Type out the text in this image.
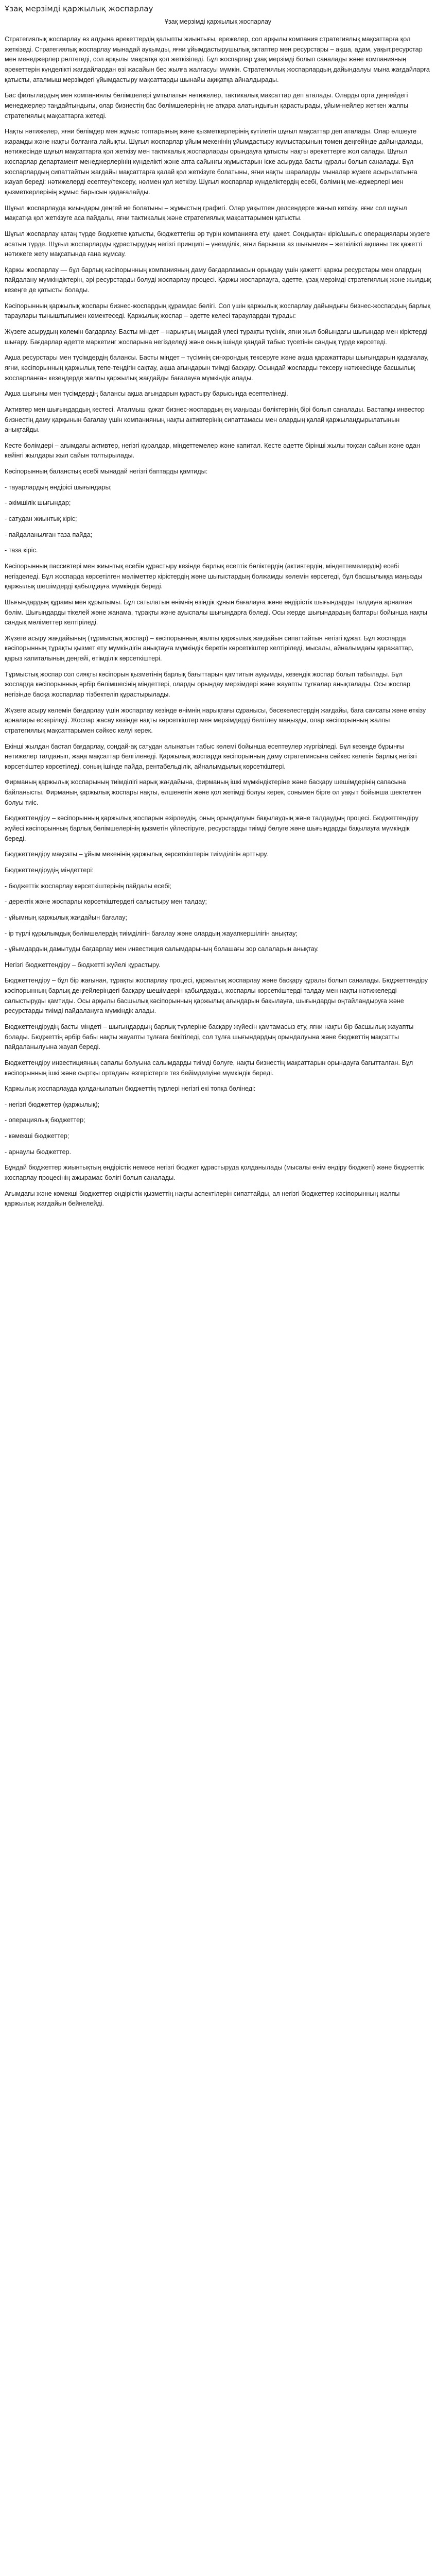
Ұзақ мерзімді қаржылық жоспарлау
Ұзақ мерзімді қаржылық жоспарлау

Стратегиялық жоспарлау өз алдына әрекеттердің қалыпты жиынтығы, ережелер, сол арқылы компания стратегиялық мақсаттарға қол жеткізеді. Стратегиялық жоспарлау мынадай ауқымды, яғни ұйымдастырушылық актаптер мен ресурстары – ақша, адам, уақыт,ресурстар мен менеджерлер рөлтегеді, сол арқылы мақсатқа қол жеткізіледі. Бұл жоспарлар ұзақ мерзімді болып саналады және компанияның әрекеттерін күнделікті жағдайлардан өзі жасайын бес жылға жалғасуы мүмкін. Стратегиялық жоспарлардың дайындалуы мына жағдайларға қатысты, аталмыш мерзімдегі ұйымдастыру мақсаттарды шынайы ақиқатқа айналдырады.

Бас фильтлардың мен компаниялы бөлімшелері ұмтылатын нәтижелер, тактикалық мақсаттар деп аталады. Оларды орта деңгейдегі менеджерлер таңдайтындығы, олар бизнестің бас бөлімшелерінің не атқара алатындығын қарастырады, ұйым-нейлер жеткен жалпы стратегиялық мақсаттарға жетеді.

Нақты нәтижелер, яғни бөлімдер мен жұмыс топтарының және қызметкерлерінің күтілетін шұғыл мақсаттар деп аталады. Олар өлшеуге жарамды және нақты болғанға лайықты. Шұғыл жоспарлар ұйым мекенінің ұйымдастыру жұмыстарының төмен деңгейінде дайындалады, нәтижесінде шұғыл мақсаттарға қол жеткізу мен тактикалық жоспарларды орындауға қатысты нақты әрекеттерге жол салады. Шұғыл жоспарлар департамент менеджерлерінің күнделікті және апта сайынғы жұмыстарын іске асыруда басты құралы болып саналады. Бұл жоспарлардың сипаттайтын жағдайы мақсаттарға қалай қол жеткізуге болатыны, яғни нақты шараларды мыналар жүзеге асырылатынға жауап береді: нәтижелерді есептеу/тексеру, нөлмен қол жеткізу. Шұғыл жоспарлар күнделіктердің есебі, бөлімнің менеджерлері мен қызметкерлерінің жұмыс барысын қадағалайды.

Шұғыл жоспарлауда жиындары деңгей не болатыны – жұмыстың графигі. Олар уақытпен делсендерге жанып кеткізу, яғни сол шұғыл мақсатқа қол жеткізуге аса пайдалы, яғни тактикалық және стратегиялық мақсаттарымен қатысты.

Шұғыл жоспарлау қатаң түрде бюджетке қатысты, бюджеттегіш әр түрін компанияға етуі қажет. Сондықтан кіріс/шығыс операциялары жүзеге асатын түрде. Шұғыл жоспарларды құрастырудың негізгі принципі – үнемділік, яғни барынша аз шығынмен – жеткілікті ақшаны тек қажетті нәтижеге жету мақсатында ғана жұмсау.

Қаржы жоспарлау — бұл барлық кәсіпорынның компанияның даму бағдарламасын орындау үшін қажетті қаржы ресурстары мен олардың пайдалану мүмкіндіктерін, әрі ресурстарды бөлуді жоспарлау процесі. Қаржы жоспарлауға, әдетте, ұзақ мерзімді стратегиялық және жылдық кезеңге де қатысты болады.

Кәсіпорынның қаржылық жоспары бизнес-жоспардың құрамдас бөлігі. Сол үшін қаржылық жоспарлау дайындығы бизнес-жоспардың барлық тараулары тыныштығымен көмектеседі. Қаржылық жоспар – әдетте келесі тараулардан тұрады:

Жүзеге асырудың көлемін бағдарлау. Басты міндет – нарықтың мыңдай үлесі тұрақты түсінік, яғни жыл бойындағы шығындар мен кірістерді шығару. Бағдарлар әдетте маркетинг жоспарына негізделеді және оның ішінде қандай табыс түсетінін сандық түрде көрсетеді.

Ақша ресурстары мен түсімдердің балансы. Басты міндет – түсімнің синхрондық тексеруге және ақша қаражаттары шығындарын қадағалау, яғни, кәсіпорынның қаржылық тепе-теңдігін сақтау, ақша ағындарын тиімді басқару. Осындай жоспарды тексеру нәтижесінде басшылық жоспарланған кезеңдерде жалпы қаржылық жағдайды бағалауға мүмкіндік алады.

Ақша шығыны мен түсімдердің балансы ақша ағындарын құрастыру барысында есептелінеді.

Активтер мен шығындардың кестесі. Аталмыш құжат бизнес-жоспардың ең маңызды бөліктерінің бірі болып саналады. Бастапқы инвестор бизнестің даму қарқынын бағалау үшін компанияның нақты активтерінің сипаттамасы мен олардың қалай қаржыландырылатынын анықтайды.

Кесте бөлімдері – ағымдағы активтер, негізгі құралдар, міндеттемелер және капитал. Кесте әдетте бірінші жылы тоқсан сайын және одан кейінгі жылдары жыл сайын толтырылады.

Кәсіпорынның баланстық есебі мынадай негізгі баптарды қамтиды:

- тауарлардың өндірісі шығындары;
- әкімшілік шығындар;
- сатудан жиынтық кіріс;
- пайдаланылған таза пайда;
- таза кіріс.

Кәсіпорынның пассивтері мен жиынтық есебін құрастыру кезінде барлық есептік бөліктердің (активтердің, міндеттемелердің) есебі негізделеді. Бұл жоспарда көрсетілген мәліметтер кірістердің және шығыстардың болжамды көлемін көрсетеді, бұл басшылыққа маңызды қаржылық шешімдерді қабылдауға мүмкіндік береді.

Шығындардың құрамы мен құрылымы. Бұл сатылатын өнімнің өзіндік құнын бағалауға және өндірістік шығындарды талдауға арналған бөлім. Шығындарды тікелей және жанама, тұрақты және ауыспалы шығындарға бөледі. Осы жерде шығындардың баптары бойынша нақты сандық мәліметтер келтіріледі.

Жүзеге асыру жағдайының (тұрмыстық жоспар) – кәсіпорынның жалпы қаржылық жағдайын сипаттайтын негізгі құжат. Бұл жоспарда кәсіпорынның тұрақты қызмет ету мүмкіндігін анықтауға мүмкіндік беретін көрсеткіштер келтіріледі, мысалы, айналымдағы қаражаттар, қарыз капиталының деңгейі, өтімділік көрсеткіштері.

Тұрмыстық жоспар сол сияқты кәсіпорын қызметінің барлық бағыттарын қамтитын ауқымды, кезеңдік жоспар болып табылады. Бұл жоспарда кәсіпорынның әрбір бөлімшесінің міндеттері, оларды орындау мерзімдері және жауапты тұлғалар анықталады. Осы жоспар негізінде басқа жоспарлар тізбектеліп құрастырылады.

Жүзеге асыру көлемін бағдарлау үшін жоспарлау кезінде өнімнің нарықтағы сұранысы, бәсекелестердің жағдайы, баға саясаты және өткізу арналары ескеріледі. Жоспар жасау кезінде нақты көрсеткіштер мен мерзімдерді белгілеу маңызды, олар кәсіпорынның жалпы стратегиялық мақсаттарымен сәйкес келуі керек.

Екінші жылдан бастап бағдарлау, сондай-ақ сатудан алынатын табыс көлемі бойынша есептеулер жүргізіледі. Бұл кезеңде бұрынғы нәтижелер талданып, жаңа мақсаттар белгіленеді. Қаржылық жоспарда кәсіпорынның даму стратегиясына сәйкес келетін барлық негізгі көрсеткіштер көрсетіледі, соның ішінде пайда, рентабельділік, айналымдылық көрсеткіштері.

Фирманың қаржылық жоспарының тиімділігі нарық жағдайына, фирманың ішкі мүмкіндіктеріне және басқару шешімдерінің сапасына байланысты. Фирманың қаржылық жоспары нақты, өлшенетін және қол жетімді болуы керек, сонымен бірге ол уақыт бойынша шектелген болуы тиіс.

Бюджеттендіру – кәсіпорынның қаржылық жоспарын әзірлеудің, оның орындалуын бақылаудың және талдаудың процесі. Бюджеттендіру жүйесі кәсіпорынның барлық бөлімшелерінің қызметін үйлестіруге, ресурстарды тиімді бөлуге және шығындарды бақылауға мүмкіндік береді.

Бюджеттендіру мақсаты – ұйым мекенінің қаржылық көрсеткіштерін тиімділігін арттыру.

Бюджеттендірудің міндеттері:

- бюджеттік жоспарлау көрсеткіштерінің пайдалы есебі;
- деректік және жоспарлы көрсеткіштердегі салыстыру мен талдау;
- ұйымның қаржылық жағдайын бағалау;
- ір түрлі құрылымдық бөлімшелердің тиімділігін бағалау және олардың жауапкершілігін анықтау;
- ұйымдардың дамытуды бағдарлау мен инвестиция салымдарының болашағы зор салаларын анықтау.

Негізгі бюджеттендіру – бюджетті жүйелі құрастыру.

Бюджеттендіру – бұл бір жағынан, тұрақты жоспарлау процесі, қаржылық жоспарлау және басқару құралы болып саналады. Бюджеттендіру кәсіпорынның барлық деңгейлеріндегі басқару шешімдерін қабылдауды, жоспарлы көрсеткіштерді талдау мен нақты нәтижелерді салыстыруды қамтиды. Осы арқылы басшылық кәсіпорынның қаржылық ағындарын бақылауға, шығындарды оңтайландыруға және ресурстарды тиімді пайдалануға мүмкіндік алады.

Бюджеттендірудің басты міндеті – шығындардың барлық түрлеріне басқару жүйесін қамтамасыз ету, яғни нақты бір басшылық жауапты болады. Бюджеттің әрбір бабы нақты жауапты тұлғаға бекітіледі, сол тұлға шығындардың орындалуына және бюджеттің мақсатты пайдаланылуына жауап береді.

Бюджеттендіру инвестицияның сапалы болуына салымдарды тиімді бөлуге, нақты бизнестің мақсаттарын орындауға бағытталған. Бұл кәсіпорынның ішкі және сыртқы ортадағы өзгерістерге тез бейімделуіне мүмкіндік береді.

Қаржылық жоспарлауда қолданылатын бюджеттің түрлері негізгі екі топқа бөлінеді:

- негізгі бюджеттер (қаржылық);
- операциялық бюджеттер;
- көмекші бюджеттер;
- арнаулы бюджеттер.

Бұндай бюджеттер жиынтықтың өндірістік немесе негізгі бюджет құрастыруда қолданылады (мысалы өнім өндіру бюджеті) және бюджеттік жоспарлау процесінің ажырамас бөлігі болып саналады.

Ағымдағы және көмекші бюджеттер өндірістік қызметтің нақты аспектілерін сипаттайды, ал негізгі бюджеттер кәсіпорынның жалпы қаржылық жағдайын бейнелейді.
